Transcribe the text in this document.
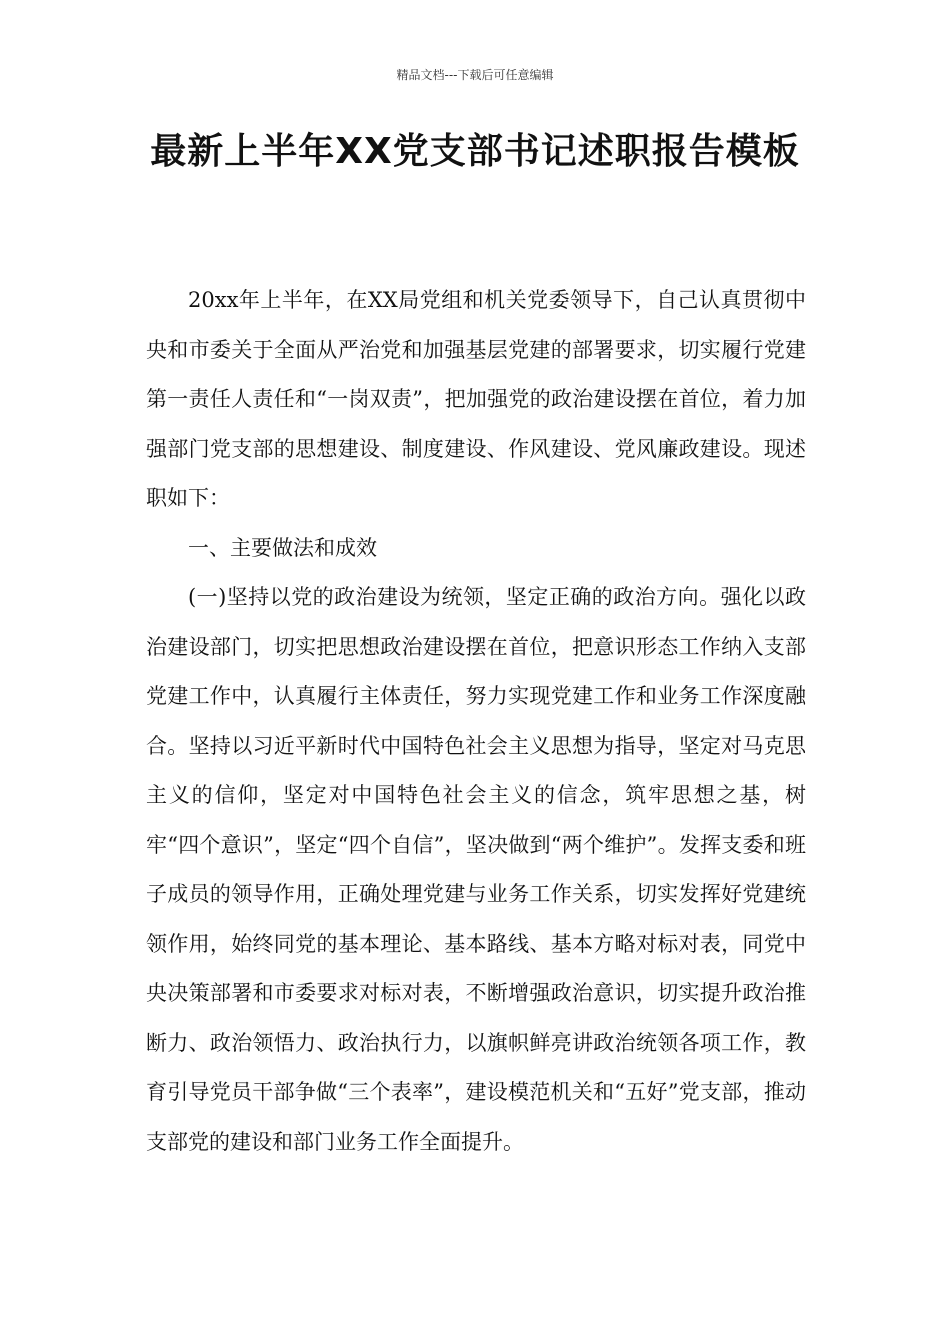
精品文档---下载后可任意编辑
最新上半年XX党支部书记述职报告模板

20xx年上半年，在XX局党组和机关党委领导下，自己认真贯彻中央和市委关于全面从严治党和加强基层党建的部署要求，切实履行党建第一责任人责任和“一岗双责”，把加强党的政治建设摆在首位，着力加强部门党支部的思想建设、制度建设、作风建设、党风廉政建设。现述职如下：

一、主要做法和成效

(一)坚持以党的政治建设为统领，坚定正确的政治方向。强化以政治建设部门，切实把思想政治建设摆在首位，把意识形态工作纳入支部党建工作中，认真履行主体责任，努力实现党建工作和业务工作深度融合。坚持以习近平新时代中国特色社会主义思想为指导，坚定对马克思主义的信仰，坚定对中国特色社会主义的信念，筑牢思想之基，树牢“四个意识”，坚定“四个自信”，坚决做到“两个维护”。发挥支委和班子成员的领导作用，正确处理党建与业务工作关系，切实发挥好党建统领作用，始终同党的基本理论、基本路线、基本方略对标对表，同党中央决策部署和市委要求对标对表，不断增强政治意识，切实提升政治推断力、政治领悟力、政治执行力，以旗帜鲜亮讲政治统领各项工作，教育引导党员干部争做“三个表率”，建设模范机关和“五好”党支部，推动支部党的建设和部门业务工作全面提升。
